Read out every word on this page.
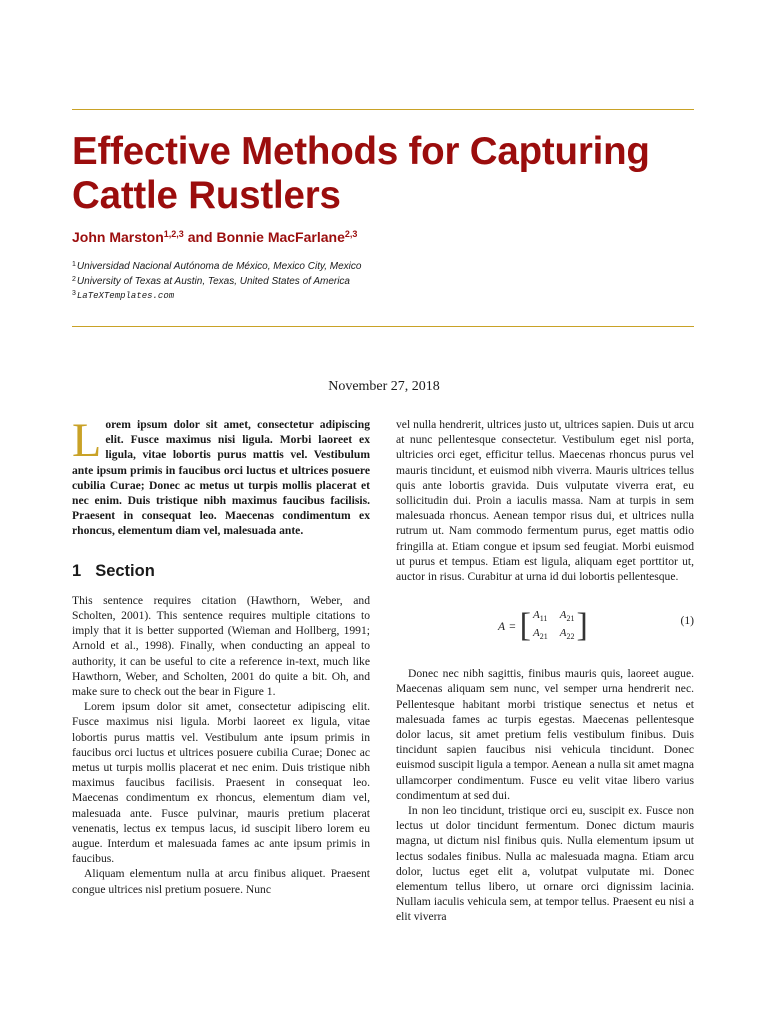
Effective Methods for Capturing Cattle Rustlers
John Marston$^{1,2,3}$ and Bonnie MacFarlane$^{2,3}$
$^1$Universidad Nacional Autónoma de México, Mexico City, Mexico
$^2$University of Texas at Austin, Texas, United States of America
$^3$LaTeXTemplates.com
November 27, 2018

Lorem ipsum dolor sit amet, consectetur adipiscing elit. Fusce maximus nisi ligula. Morbi laoreet ex ligula, vitae lobortis purus mattis vel. Vestibulum ante ipsum primis in faucibus orci luctus et ultrices posuere cubilia Curae; Donec ac metus ut turpis mollis placerat et nec enim. Duis tristique nibh maximus faucibus facilisis. Praesent in consequat leo. Maecenas condimentum ex rhoncus, elementum diam vel, malesuada ante.

1 Section

This sentence requires citation (Hawthorn, Weber, and Scholten, 2001). This sentence requires multiple citations to imply that it is better supported (Wieman and Hollberg, 1991; Arnold et al., 1998). Finally, when conducting an appeal to authority, it can be useful to cite a reference in-text, much like Hawthorn, Weber, and Scholten, 2001 do quite a bit. Oh, and make sure to check out the bear in Figure 1.

Lorem ipsum dolor sit amet, consectetur adipiscing elit. Fusce maximus nisi ligula. Morbi laoreet ex ligula, vitae lobortis purus mattis vel. Vestibulum ante ipsum primis in faucibus orci luctus et ultrices posuere cubilia Curae; Donec ac metus ut turpis mollis placerat et nec enim. Duis tristique nibh maximus faucibus facilisis. Praesent in consequat leo. Maecenas condimentum ex rhoncus, elementum diam vel, malesuada ante. Fusce pulvinar, mauris pretium placerat venenatis, lectus ex tempus lacus, id suscipit libero lorem eu augue. Interdum et malesuada fames ac ante ipsum primis in faucibus.

Aliquam elementum nulla at arcu finibus aliquet. Praesent congue ultrices nisl pretium posuere. Nunc

vel nulla hendrerit, ultrices justo ut, ultrices sapien. Duis ut arcu at nunc pellentesque consectetur. Vestibulum eget nisl porta, ultricies orci eget, efficitur tellus. Maecenas rhoncus purus vel mauris tincidunt, et euismod nibh viverra. Mauris ultrices tellus quis ante lobortis gravida. Duis vulputate viverra erat, eu sollicitudin dui. Proin a iaculis massa. Nam at turpis in sem malesuada rhoncus. Aenean tempor risus dui, et ultrices nulla rutrum ut. Nam commodo fermentum purus, eget mattis odio fringilla at. Etiam congue et ipsum sed feugiat. Morbi euismod ut purus et tempus. Etiam est ligula, aliquam eget porttitor ut, auctor in risus. Curabitur at urna id dui lobortis pellentesque.

A = [ $A_{11}$ $A_{21}$
$A_{21}$ $A_{22}$ ]	(1)

Donec nec nibh sagittis, finibus mauris quis, laoreet augue. Maecenas aliquam sem nunc, vel semper urna hendrerit nec. Pellentesque habitant morbi tristique senectus et netus et malesuada fames ac turpis egestas. Maecenas pellentesque dolor lacus, sit amet pretium felis vestibulum finibus. Duis tincidunt sapien faucibus nisi vehicula tincidunt. Donec euismod suscipit ligula a tempor. Aenean a nulla sit amet magna ullamcorper condimentum. Fusce eu velit vitae libero varius condimentum at sed dui.

In non leo tincidunt, tristique orci eu, suscipit ex. Fusce non lectus ut dolor tincidunt fermentum. Donec dictum mauris magna, ut dictum nisl finibus quis. Nulla elementum ipsum ut lectus sodales finibus. Nulla ac malesuada magna. Etiam arcu dolor, luctus eget elit a, volutpat vulputate mi. Donec elementum tellus libero, ut ornare orci dignissim lacinia. Nullam iaculis vehicula sem, at tempor tellus. Praesent eu nisi a elit viverra
